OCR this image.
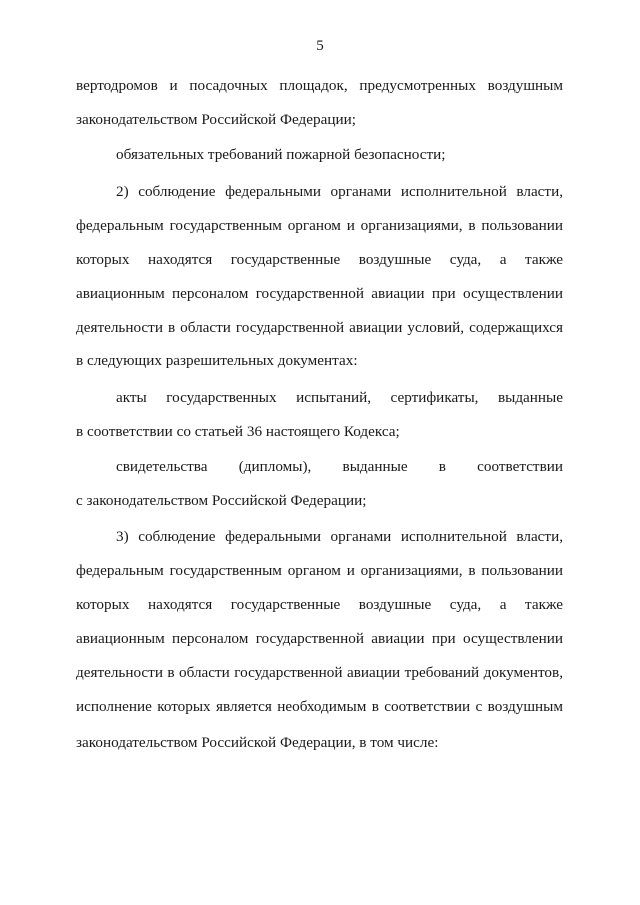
5
вертодромов и посадочных площадок, предусмотренных воздушным
законодательством Российской Федерации;
обязательных требований пожарной безопасности;
2) соблюдение федеральными органами исполнительной власти,
федеральным государственным органом и организациями, в пользовании
которых находятся государственные воздушные суда, а также
авиационным персоналом государственной авиации при осуществлении
деятельности в области государственной авиации условий, содержащихся
в следующих разрешительных документах:
акты государственных испытаний, сертификаты, выданные
в соответствии со статьей 36 настоящего Кодекса;
свидетельства (дипломы), выданные в соответствии
с законодательством Российской Федерации;
3) соблюдение федеральными органами исполнительной власти,
федеральным государственным органом и организациями, в пользовании
которых находятся государственные воздушные суда, а также
авиационным персоналом государственной авиации при осуществлении
деятельности в области государственной авиации требований документов,
исполнение которых является необходимым в соответствии с воздушным
законодательством Российской Федерации, в том числе:
